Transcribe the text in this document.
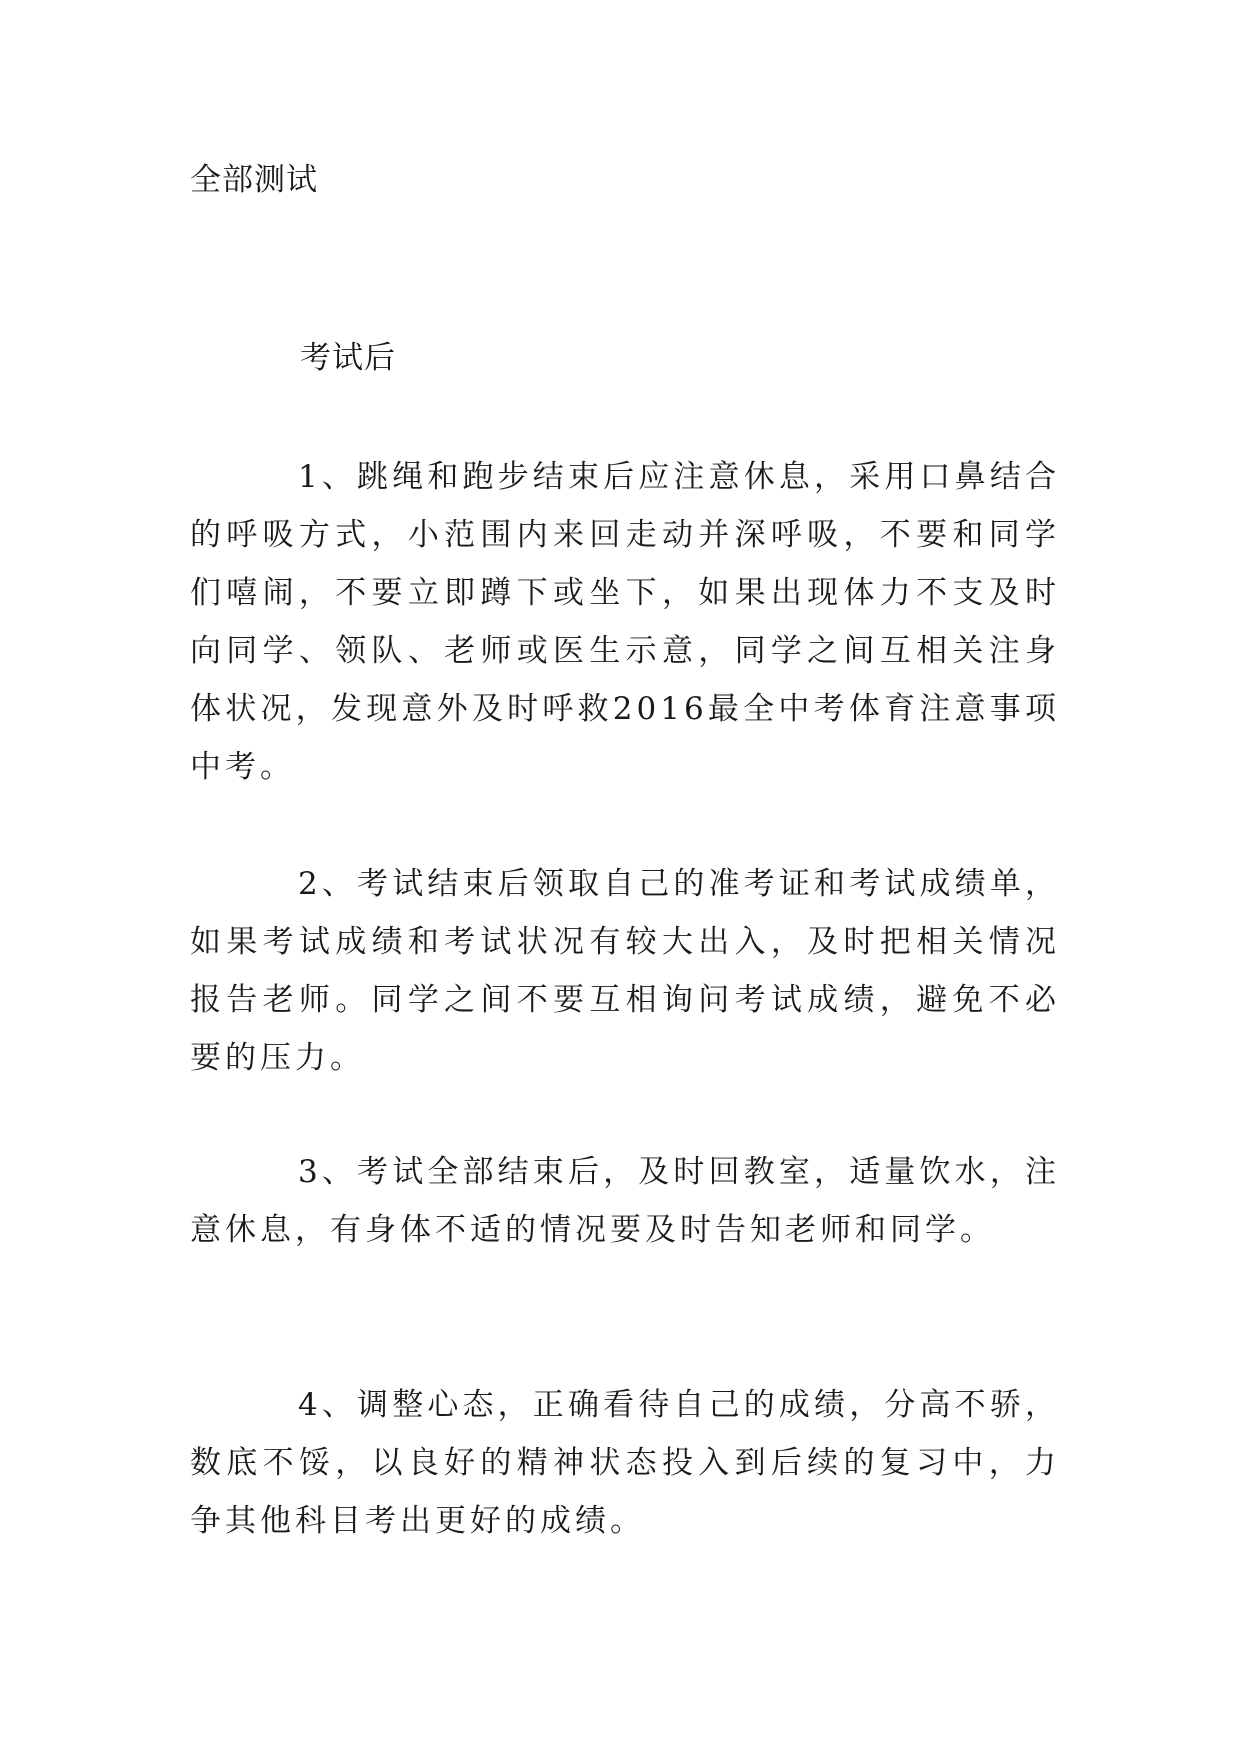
全部测试
考试后

1、跳绳和跑步结束后应注意休息，采用口鼻结合的呼吸方式，小范围内来回走动并深呼吸，不要和同学们嘻闹，不要立即蹲下或坐下，如果出现体力不支及时向同学、领队、老师或医生示意，同学之间互相关注身体状况，发现意外及时呼救2016最全中考体育注意事项中考。

2、考试结束后领取自己的准考证和考试成绩单，如果考试成绩和考试状况有较大出入，及时把相关情况报告老师。同学之间不要互相询问考试成绩，避免不必要的压力。

3、考试全部结束后，及时回教室，适量饮水，注意休息，有身体不适的情况要及时告知老师和同学。

4、调整心态，正确看待自己的成绩，分高不骄，数底不馁，以良好的精神状态投入到后续的复习中，力争其他科目考出更好的成绩。
